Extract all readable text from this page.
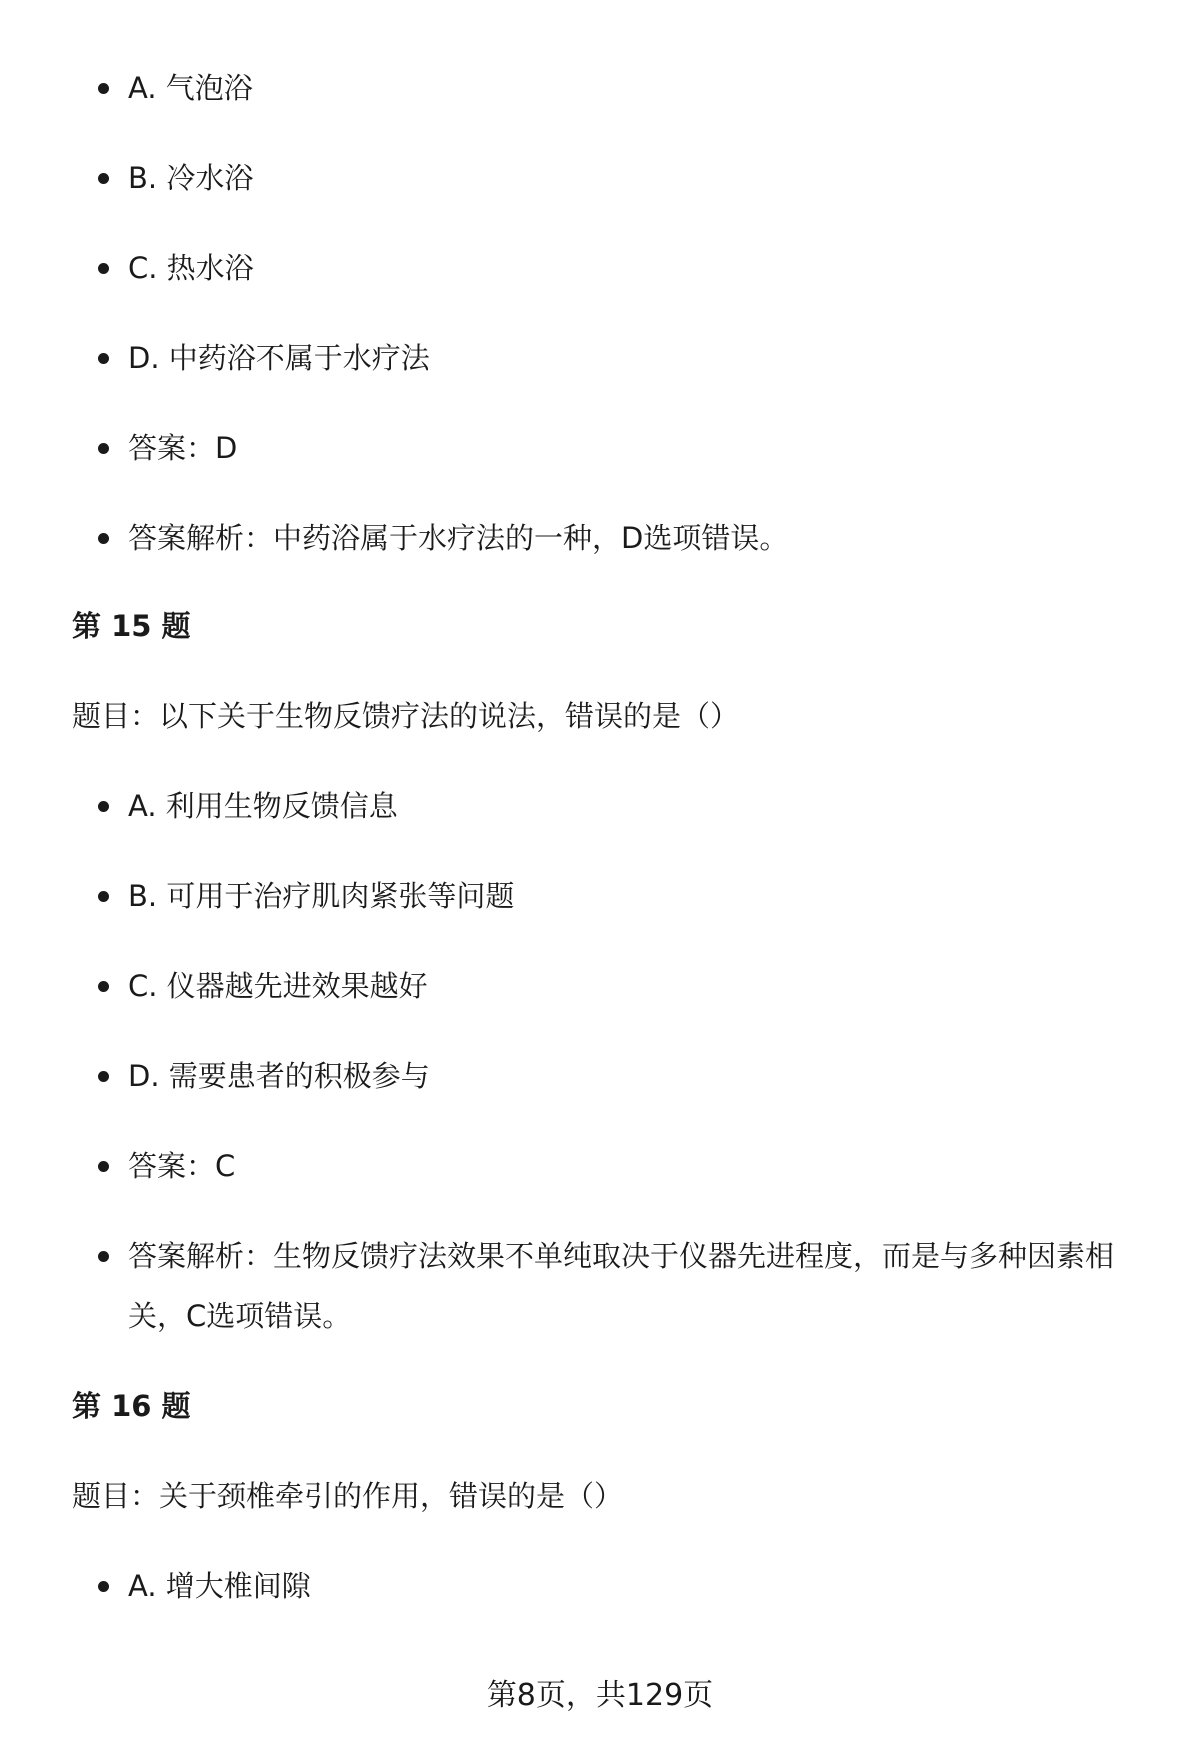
A. 气泡浴
B. 冷水浴
C. 热水浴
D. 中药浴不属于水疗法
答案：D
答案解析：中药浴属于水疗法的一种，D选项错误。
第 15 题
题目：以下关于生物反馈疗法的说法，错误的是（）
A. 利用生物反馈信息
B. 可用于治疗肌肉紧张等问题
C. 仪器越先进效果越好
D. 需要患者的积极参与
答案：C
答案解析：生物反馈疗法效果不单纯取决于仪器先进程度，而是与多种因素相关，C选项错误。
第 16 题
题目：关于颈椎牵引的作用，错误的是（）
A. 增大椎间隙
第8页，共129页
